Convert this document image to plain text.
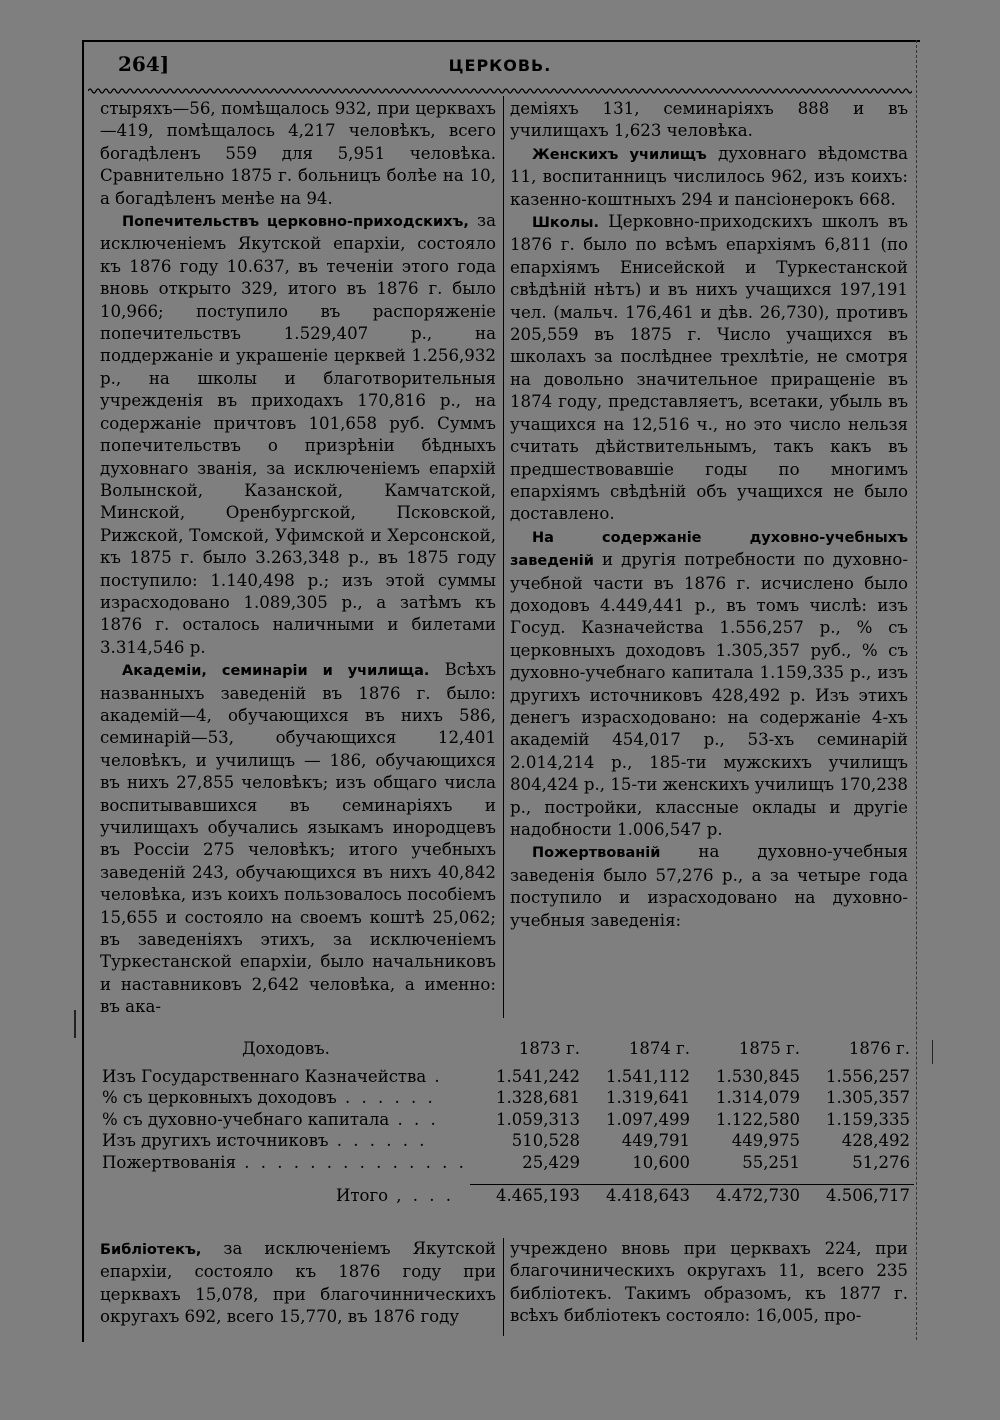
264]	ЦЕРКОВЬ.

стыряхъ—56, помѣщалось 932, при церквахъ—419, помѣщалось 4,217 человѣкъ, всего богадѣленъ 559 для 5,951 человѣка. Сравнительно 1875 г. больницъ болѣе на 10, а богадѣленъ менѣе на 94.

Попечительствъ церковно-приходскихъ, за исключеніемъ Якутской епархіи, состояло къ 1876 году 10.637, въ теченіи этого года вновь открыто 329, итого въ 1876 г. было 10,966; поступило въ распоряженіе попечительствъ 1.529,407 р., на поддержаніе и украшеніе церквей 1.256,932 р., на школы и благотворительныя учрежденія въ приходахъ 170,816 р., на содержаніе причтовъ 101,658 руб. Суммъ попечительствъ о призрѣніи бѣдныхъ духовнаго званія, за исключеніемъ епархій Волынской, Казанской, Камчатской, Минской, Оренбургской, Псковской, Рижской, Томской, Уфимской и Херсонской, къ 1875 г. было 3.263,348 р., въ 1875 году поступило: 1.140,498 р.; изъ этой суммы израсходовано 1.089,305 р., а затѣмъ къ 1876 г. осталось наличными и билетами 3.314,546 р.

Академіи, семинаріи и училища. Всѣхъ названныхъ заведеній въ 1876 г. было: академій—4, обучающихся въ нихъ 586, семинарій—53, обучающихся 12,401 человѣкъ, и училищъ — 186, обучающихся въ нихъ 27,855 человѣкъ; изъ общаго числа воспитывавшихся въ семинаріяхъ и училищахъ обучались языкамъ инородцевъ въ Россіи 275 человѣкъ; итого учебныхъ заведеній 243, обучающихся въ нихъ 40,842 человѣка, изъ коихъ пользовалось пособіемъ 15,655 и состояло на своемъ коштѣ 25,062; въ заведеніяхъ этихъ, за исключеніемъ Туркестанской епархіи, было начальниковъ и наставниковъ 2,642 человѣка, а именно: въ ака-

деміяхъ 131, семинаріяхъ 888 и въ училищахъ 1,623 человѣка.

Женскихъ училищъ духовнаго вѣдомства 11, воспитанницъ числилось 962, изъ коихъ: казенно-коштныхъ 294 и пансіонерокъ 668.

Школы. Церковно-приходскихъ школъ въ 1876 г. было по всѣмъ епархіямъ 6,811 (по епархіямъ Енисейской и Туркестанской свѣдѣній нѣтъ) и въ нихъ учащихся 197,191 чел. (мальч. 176,461 и дѣв. 26,730), противъ 205,559 въ 1875 г. Число учащихся въ школахъ за послѣднее трехлѣтіе, не смотря на довольно значительное приращеніе въ 1874 году, представляетъ, всетаки, убыль въ учащихся на 12,516 ч., но это число нельзя считать дѣйствительнымъ, такъ какъ въ предшествовавшіе годы по многимъ епархіямъ свѣдѣній объ учащихся не было доставлено.

На содержаніе духовно-учебныхъ заведеній и другія потребности по духовно-учебной части въ 1876 г. исчислено было доходовъ 4.449,441 р., въ томъ числѣ: изъ Госуд. Казначейства 1.556,257 р., % съ церковныхъ доходовъ 1.305,357 руб., % съ духовно-учебнаго капитала 1.159,335 р., изъ другихъ источниковъ 428,492 р. Изъ этихъ денегъ израсходовано: на содержаніе 4-хъ академій 454,017 р., 53-хъ семинарій 2.014,214 р., 185-ти мужскихъ училищъ 804,424 р., 15-ти женскихъ училищъ 170,238 р., постройки, классные оклады и другіе надобности 1.006,547 р.

Пожертвованій на духовно-учебныя заведенія было 57,276 р., а за четыре года поступило и израсходовано на духовно-учебныя заведенія:

Доходовъ.	1873 г.	1874 г.	1875 г.	1876 г.
Изъ Государственнаго Казначейства .	1.541,242	1.541,112	1.530,845	1.556,257
% съ церковныхъ доходовъ . . . . . .	1.328,681	1.319,641	1.314,079	1.305,357
% съ духовно-учебнаго капитала . . .	1.059,313	1.097,499	1.122,580	1.159,335
Изъ другихъ источниковъ . . . . . .	510,528	449,791	449,975	428,492
Пожертвованія . . . . . . . . . . . . . .	25,429	10,600	55,251	51,276
Итого , . . .	4.465,193	4.418,643	4.472,730	4.506,717

Библіотекъ, за исключеніемъ Якутской епархіи, состояло къ 1876 году при церквахъ 15,078, при благочинническихъ округахъ 692, всего 15,770, въ 1876 году

учреждено вновь при церквахъ 224, при благочиническихъ округахъ 11, всего 235 библіотекъ. Такимъ образомъ, къ 1877 г. всѣхъ библіотекъ состояло: 16,005, про-
